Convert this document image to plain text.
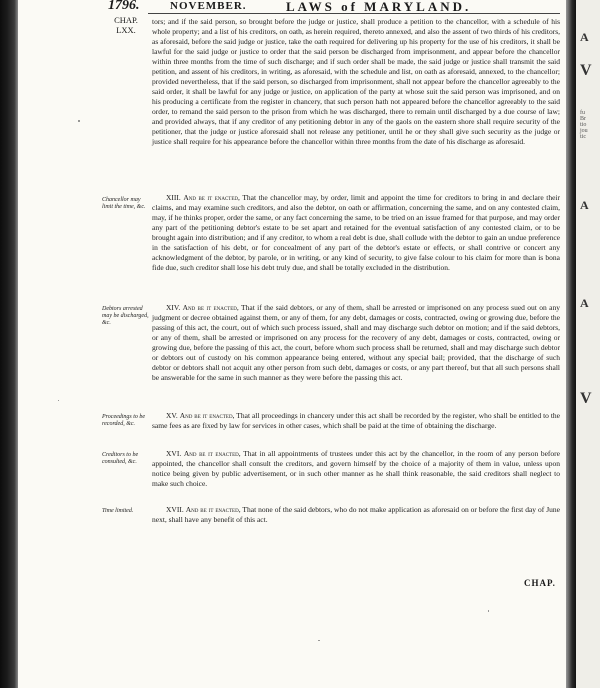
1796.	NOVEMBER.	LAWS of MARYLAND.
CHAP.
LXX.
tors; and if the said person, so brought before the judge or justice, shall produce a petition to the chancellor, with a schedule of his whole property; and a list of his creditors, on oath, as herein required, thereto annexed, and also the assent of two thirds of his creditors, as aforesaid, before the said judge or justice, take the oath required for delivering up his property for the use of his creditors, it shall be lawful for the said judge or justice to order that the said person be discharged from imprisonment, and appear before the chancellor within three months from the time of such discharge; and if such order shall be made, the said judge or justice shall transmit the said petition, and assent of his creditors, in writing, as aforesaid, with the schedule and list, on oath as aforesaid, annexed, to the chancellor; provided nevertheless, that if the said person, so discharged from imprisonment, shall not appear before the chancellor agreeably to the said order, it shall be lawful for any judge or justice, on application of the party at whose suit the said person was imprisoned, and on his producing a certificate from the register in chancery, that such person hath not appeared before the chancellor agreeably to the said order, to remand the said person to the prison from which he was discharged, there to remain until discharged by a due course of law; and provided always, that if any creditor of any petitioning debtor in any of the gaols on the eastern shore shall require security of the petitioner, that the judge or justice aforesaid shall not release any petitioner, until he or they shall give such security as the judge or justice shall require for his appearance before the chancellor within three months from the date of his discharge as aforesaid.
Chancellor may limit the time, &c.
XIII. And be it enacted, That the chancellor may, by order, limit and appoint the time for creditors to bring in and declare their claims, and may examine such creditors, and also the debtor, on oath or affirmation, concerning the same, and on any contested claim, may, if he thinks proper, order the same, or any fact concerning the same, to be tried on an issue framed for that purpose, and may order any part of the petitioning debtor's estate to be set apart and retained for the eventual satisfaction of any contested claim, or to be brought again into distribution; and if any creditor, to whom a real debt is due, shall collude with the debtor to gain an undue preference in the satisfaction of his debt, or for concealment of any part of the debtor's estate or effects, or shall contrive or concert any acknowledgment of the debtor, by parole, or in writing, or any kind of security, to give false colour to his claim for more than is bona fide due, such creditor shall lose his debt truly due, and shall be totally excluded in the distribution.
Debtors arrested may be discharged, &c.
XIV. And be it enacted, That if the said debtors, or any of them, shall be arrested or imprisoned on any process sued out on any judgment or decree obtained against them, or any of them, for any debt, damages or costs, contracted, owing or growing due, before the passing of this act, the court, out of which such process issued, shall and may discharge such debtor on motion; and if the said debtors, or any of them, shall be arrested or imprisoned on any process for the recovery of any debt, damages or costs, contracted, owing or growing due, before the passing of this act, the court, before whom such process shall be returned, shall and may discharge such debtor or debtors out of custody on his common appearance being entered, without any special bail; provided, that the discharge of such debtor or debtors shall not acquit any other person from such debt, damages or costs, or any part thereof, but that all such persons shall be answerable for the same in such manner as they were before the passing this act.
Proceedings to be recorded, &c.
XV. And be it enacted, That all proceedings in chancery under this act shall be recorded by the register, who shall be entitled to the same fees as are fixed by law for services in other cases, which shall be paid at the time of obtaining the discharge.
Creditors to be consulted, &c.
XVI. And be it enacted, That in all appointments of trustees under this act by the chancellor, in the room of any person before appointed, the chancellor shall consult the creditors, and govern himself by the choice of a majority of them in value, unless upon notice being given by public advertisement, or in such other manner as he shall think reasonable, the said creditors shall neglect to make such choice.
Time limited.	XVII. And be it enacted, That none of the said debtors, who do not make application as aforesaid on or before the first day of June next, shall have any benefit of this act.
CHAP.
A
V
fu
Br
tio
jou
tic
A
A
V
